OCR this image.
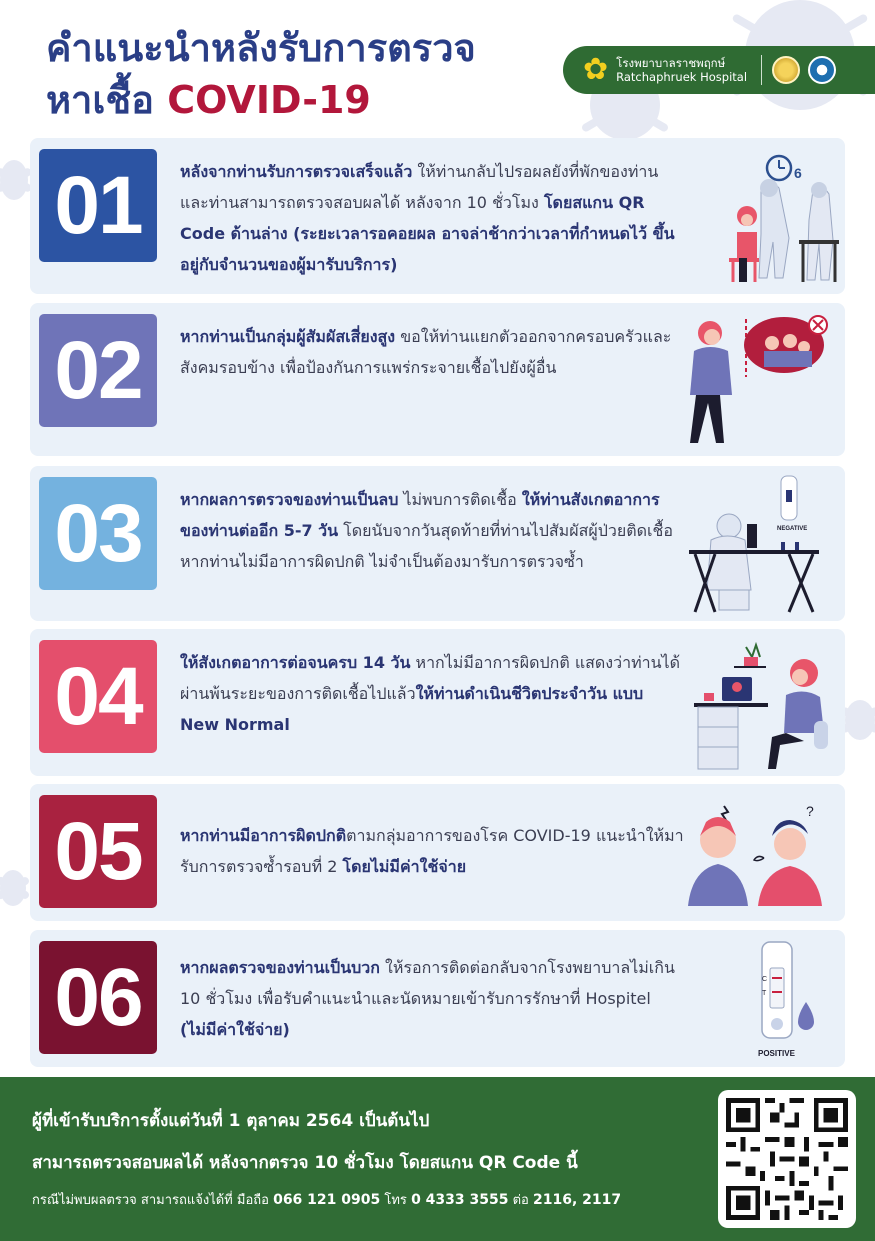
คำแนะนำหลังรับการตรวจ
หาเชื้อ COVID-19
✿ โรงพยาบาลราชพฤกษ์
Ratchaphruek Hospital
01	หลังจากท่านรับการตรวจเสร็จแล้ว ให้ท่านกลับไปรอผลยังที่พักของท่าน และท่านสามารถตรวจสอบผลได้ หลังจาก 10 ชั่วโมง โดยสแกน QR Code ด้านล่าง (ระยะเวลารอคอยผล อาจล่าช้ากว่าเวลาที่กำหนดไว้ ขึ้นอยู่กับจำนวนของผู้มารับบริการ)
6
02	หากท่านเป็นกลุ่มผู้สัมผัสเสี่ยงสูง ขอให้ท่านแยกตัวออกจากครอบครัวและสังคมรอบข้าง เพื่อป้องกันการแพร่กระจายเชื้อไปยังผู้อื่น
03	หากผลการตรวจของท่านเป็นลบ ไม่พบการติดเชื้อ ให้ท่านสังเกตอาการของท่านต่ออีก 5-7 วัน โดยนับจากวันสุดท้ายที่ท่านไปสัมผัสผู้ป่วยติดเชื้อ หากท่านไม่มีอาการผิดปกติ ไม่จำเป็นต้องมารับการตรวจซ้ำ
NEGATIVE
04	ให้สังเกตอาการต่อจนครบ 14 วัน หากไม่มีอาการผิดปกติ แสดงว่าท่านได้ผ่านพ้นระยะของการติดเชื้อไปแล้วให้ท่านดำเนินชีวิตประจำวัน แบบ New Normal
05	หากท่านมีอาการผิดปกติตามกลุ่มอาการของโรค COVID-19 แนะนำให้มารับการตรวจซ้ำรอบที่ 2 โดยไม่มีค่าใช้จ่าย
?
06	หากผลตรวจของท่านเป็นบวก ให้รอการติดต่อกลับจากโรงพยาบาลไม่เกิน 10 ชั่วโมง เพื่อรับคำแนะนำและนัดหมายเข้ารับการรักษาที่ Hospitel (ไม่มีค่าใช้จ่าย)
C
T
POSITIVE
ผู้ที่เข้ารับบริการตั้งแต่วันที่ 1 ตุลาคม 2564 เป็นต้นไป
สามารถตรวจสอบผลได้ หลังจากตรวจ 10 ชั่วโมง โดยสแกน QR Code นี้
กรณีไม่พบผลตรวจ สามารถแจ้งได้ที่ มือถือ 066 121 0905 โทร 0 4333 3555 ต่อ 2116, 2117
